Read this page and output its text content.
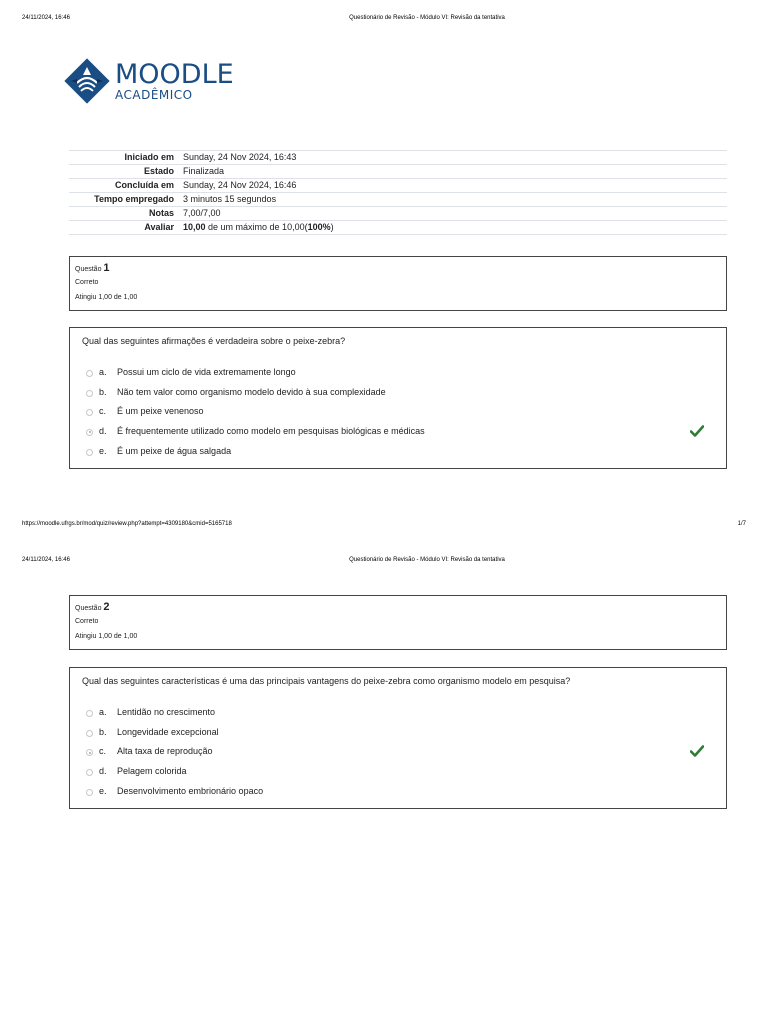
24/11/2024, 16:46	Questionário de Revisão - Módulo VI: Revisão da tentativa
MOODLE
ACADÊMICO
Iniciado em	Sunday, 24 Nov 2024, 16:43
Estado	Finalizada
Concluída em	Sunday, 24 Nov 2024, 16:46
Tempo empregado	3 minutos 15 segundos
Notas	7,00/7,00
Avaliar	10,00 de um máximo de 10,00(100%)
Questão 1
Correto
Atingiu 1,00 de 1,00
Qual das seguintes afirmações é verdadeira sobre o peixe-zebra?
a.	Possui um ciclo de vida extremamente longo
b.	Não tem valor como organismo modelo devido à sua complexidade
c.	É um peixe venenoso
d.	É frequentemente utilizado como modelo em pesquisas biológicas e médicas
e.	É um peixe de água salgada
https://moodle.ufrgs.br/mod/quiz/review.php?attempt=4309180&cmid=5165718	1/7
24/11/2024, 16:46	Questionário de Revisão - Módulo VI: Revisão da tentativa
Questão 2
Correto
Atingiu 1,00 de 1,00
Qual das seguintes características é uma das principais vantagens do peixe-zebra como organismo modelo em pesquisa?
a.	Lentidão no crescimento
b.	Longevidade excepcional
c.	Alta taxa de reprodução
d.	Pelagem colorida
e.	Desenvolvimento embrionário opaco
